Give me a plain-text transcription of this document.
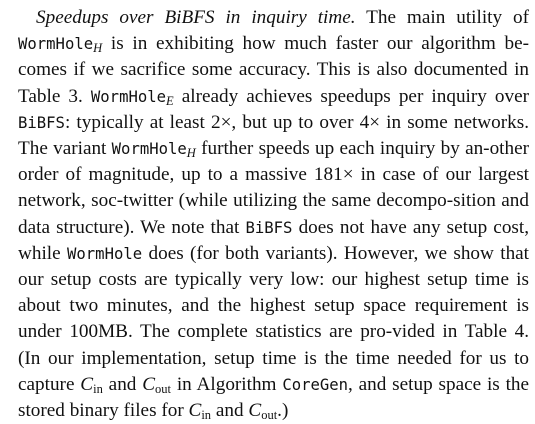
Speedups over BiBFS in inquiry time. The main utility of WormHole$_H$ is in exhibiting how much faster our algorithm be-comes if we sacrifice some accuracy. This is also documented in Table 3. WormHole$_E$ already achieves speedups per inquiry over BiBFS: typically at least 2×, but up to over 4× in some networks. The variant WormHole$_H$ further speeds up each inquiry by an-other order of magnitude, up to a massive 181× in case of our largest network, soc-twitter (while utilizing the same decompo-sition and data structure). We note that BiBFS does not have any setup cost, while WormHole does (for both variants). However, we show that our setup costs are typically very low: our highest setup time is about two minutes, and the highest setup space requirement is under 100MB. The complete statistics are pro-vided in Table 4. (In our implementation, setup time is the time needed for us to capture $C_{in}$ and $C_{out}$ in Algorithm CoreGen, and setup space is the stored binary files for $C_{in}$ and $C_{out}$.)
